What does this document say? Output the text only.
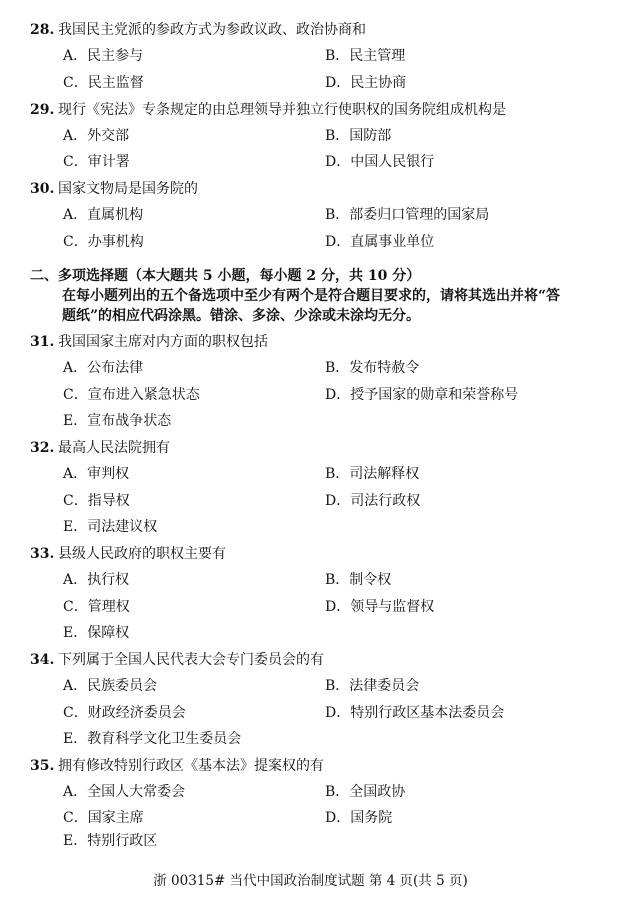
28. 我国民主党派的参政方式为参政议政、政治协商和
A．民主参与	B．民主管理
C．民主监督	D．民主协商
29. 现行《宪法》专条规定的由总理领导并独立行使职权的国务院组成机构是
A．外交部	B．国防部
C．审计署	D．中国人民银行
30. 国家文物局是国务院的
A．直属机构	B．部委归口管理的国家局
C．办事机构	D．直属事业单位
二、多项选择题（本大题共 5 小题，每小题 2 分，共 10 分）
在每小题列出的五个备选项中至少有两个是符合题目要求的，请将其选出并将“答
题纸”的相应代码涂黑。错涂、多涂、少涂或未涂均无分。
31. 我国国家主席对内方面的职权包括
A．公布法律	B．发布特赦令
C．宣布进入紧急状态	D．授予国家的勋章和荣誉称号
E．宣布战争状态
32. 最高人民法院拥有
A．审判权	B．司法解释权
C．指导权	D．司法行政权
E．司法建议权
33. 县级人民政府的职权主要有
A．执行权	B．制令权
C．管理权	D．领导与监督权
E．保障权
34. 下列属于全国人民代表大会专门委员会的有
A．民族委员会	B．法律委员会
C．财政经济委员会	D．特别行政区基本法委员会
E．教育科学文化卫生委员会
35. 拥有修改特别行政区《基本法》提案权的有
A．全国人大常委会	B．全国政协
C．国家主席	D．国务院
E．特别行政区
浙 00315# 当代中国政治制度试题 第 4 页(共 5 页)
